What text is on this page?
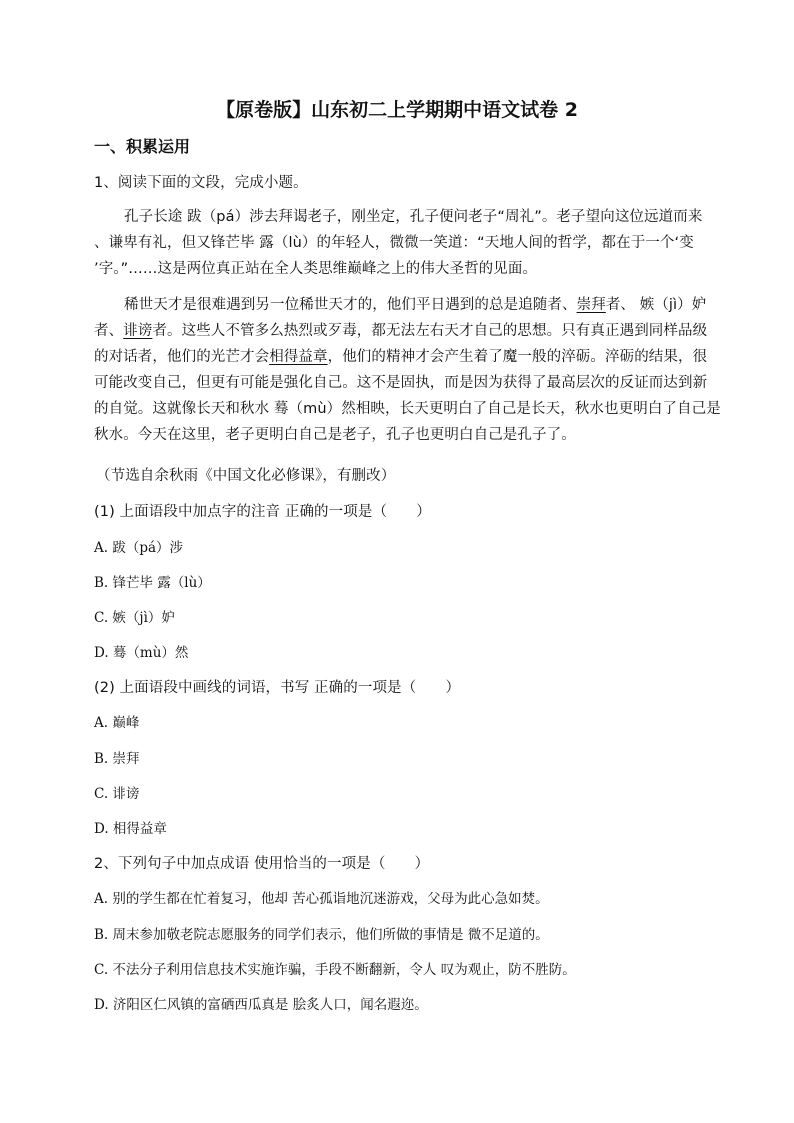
【原卷版】山东初二上学期期中语文试卷 2
一、积累运用
1、阅读下面的文段，完成小题。
孔子长途 跋（pá）涉去拜谒老子，刚坐定，孔子便问老子“周礼”。老子望向这位远道而来
、谦卑有礼，但又锋芒毕 露（lù）的年轻人，微微一笑道：“天地人间的哲学，都在于一个‘变
’字。”……这是两位真正站在全人类思维巅峰之上的伟大圣哲的见面。
稀世天才是很难遇到另一位稀世天才的，他们平日遇到的总是追随者、崇拜者、 嫉（jì）妒
者、诽谤者。这些人不管多么热烈或歹毒，都无法左右天才自己的思想。只有真正遇到同样品级
的对话者，他们的光芒才会相得益章，他们的精神才会产生着了魔一般的淬砺。淬砺的结果，很
可能改变自己，但更有可能是强化自己。这不是固执，而是因为获得了最高层次的反证而达到新
的自觉。这就像长天和秋水 蓦（mù）然相映，长天更明白了自己是长天，秋水也更明白了自己是
秋水。今天在这里，老子更明白自己是老子，孔子也更明白自己是孔子了。
（节选自余秋雨《中国文化必修课》，有删改）
(1) 上面语段中加点字的注音 正确的一项是（　　）
A. 跋（pá）涉
B. 锋芒毕 露（lù）
C. 嫉（jì）妒
D. 蓦（mù）然
(2) 上面语段中画线的词语，书写 正确的一项是（　　）
A. 巅峰
B. 崇拜
C. 诽谤
D. 相得益章
2、下列句子中加点成语 使用恰当的一项是（　　）
A. 别的学生都在忙着复习，他却 苦心孤诣地沉迷游戏，父母为此心急如焚。
B. 周末参加敬老院志愿服务的同学们表示，他们所做的事情是 微不足道的。
C. 不法分子利用信息技术实施诈骗，手段不断翻新，令人 叹为观止，防不胜防。
D. 济阳区仁风镇的富硒西瓜真是 脍炙人口，闻名遐迩。
